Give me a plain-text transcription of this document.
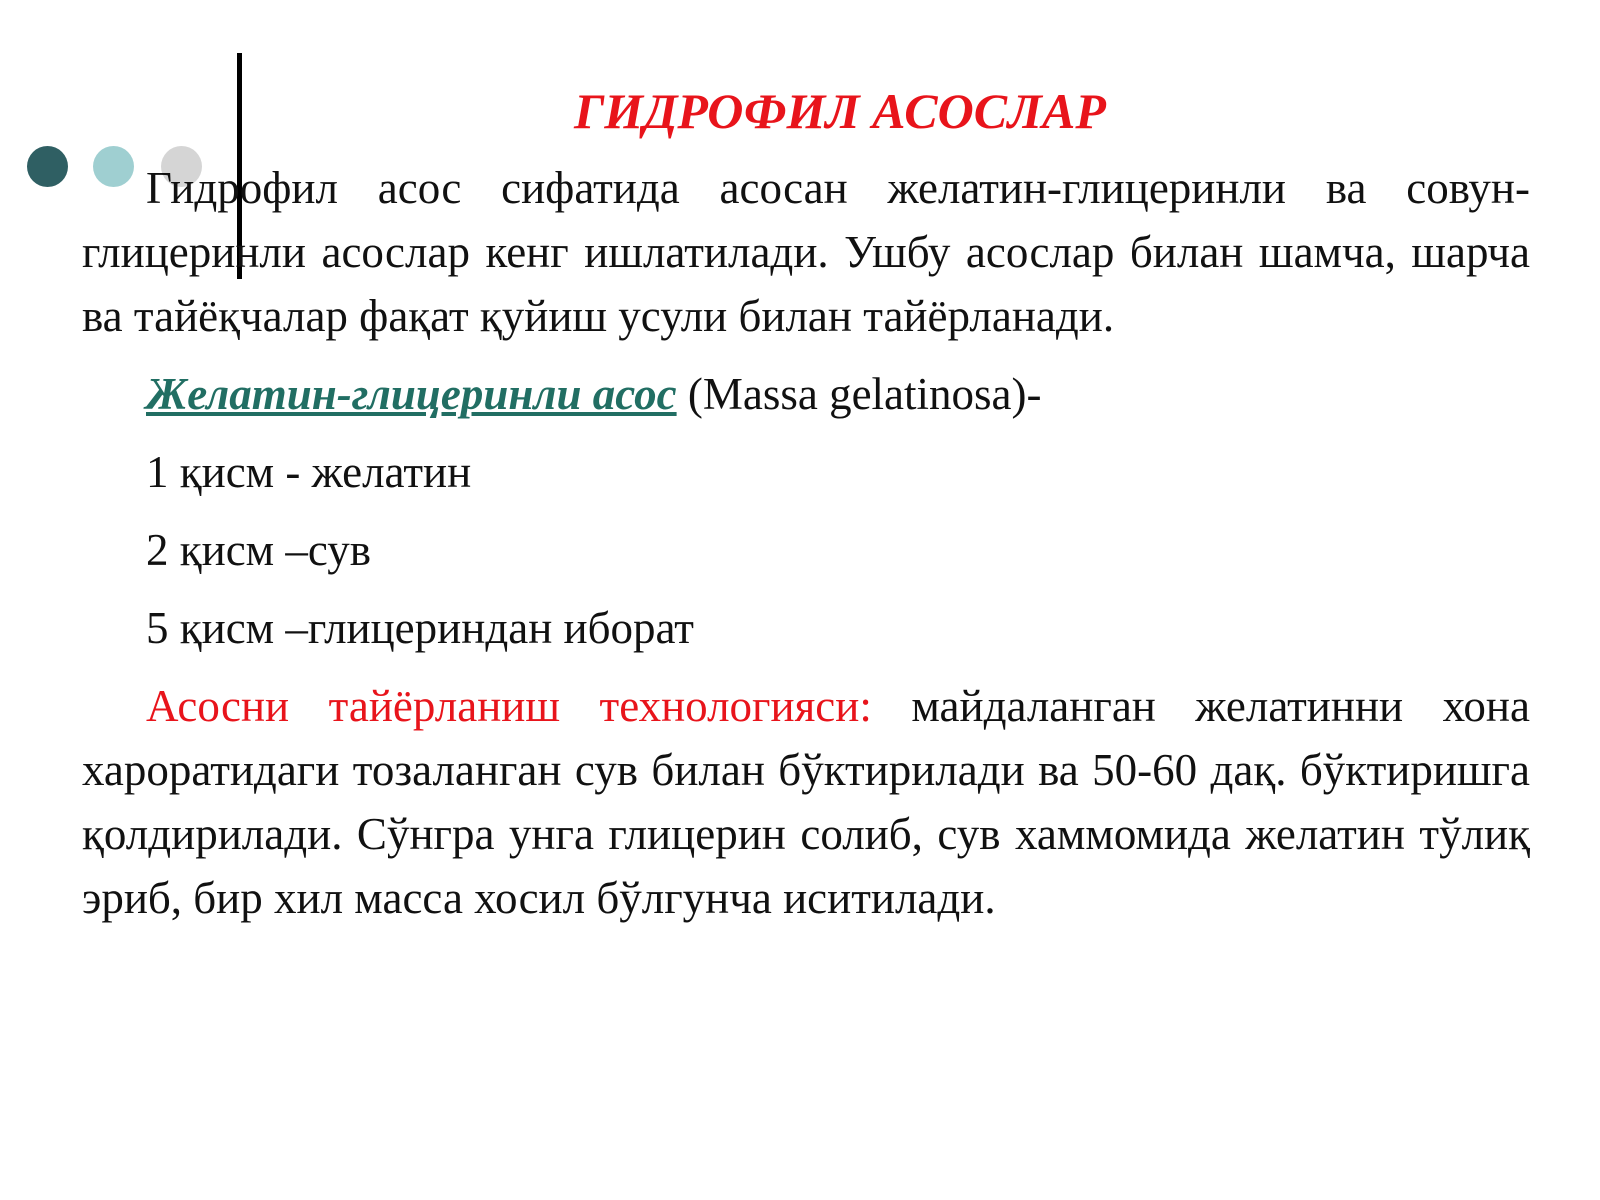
ГИДРОФИЛ АСОСЛАР

Гидрофил асос сифатида асосан желатин-глицеринли ва совун-глицеринли асослар кенг ишлатилади. Ушбу асослар билан шамча, шарча ва тайёқчалар фақат қуйиш усули билан тайёрланади.

Желатин-глицеринли асос (Massa gelatinosa)-

1 қисм - желатин

2 қисм –сув

5 қисм –глицериндан иборат

Асосни тайёрланиш технологияси: майдаланган желатинни хона хароратидаги тозаланган сув билан бўктирилади ва 50-60 дақ. бўктиришга қолдирилади. Сўнгра унга глицерин солиб, сув хаммомида желатин тўлиқ эриб, бир хил масса хосил бўлгунча иситилади.
